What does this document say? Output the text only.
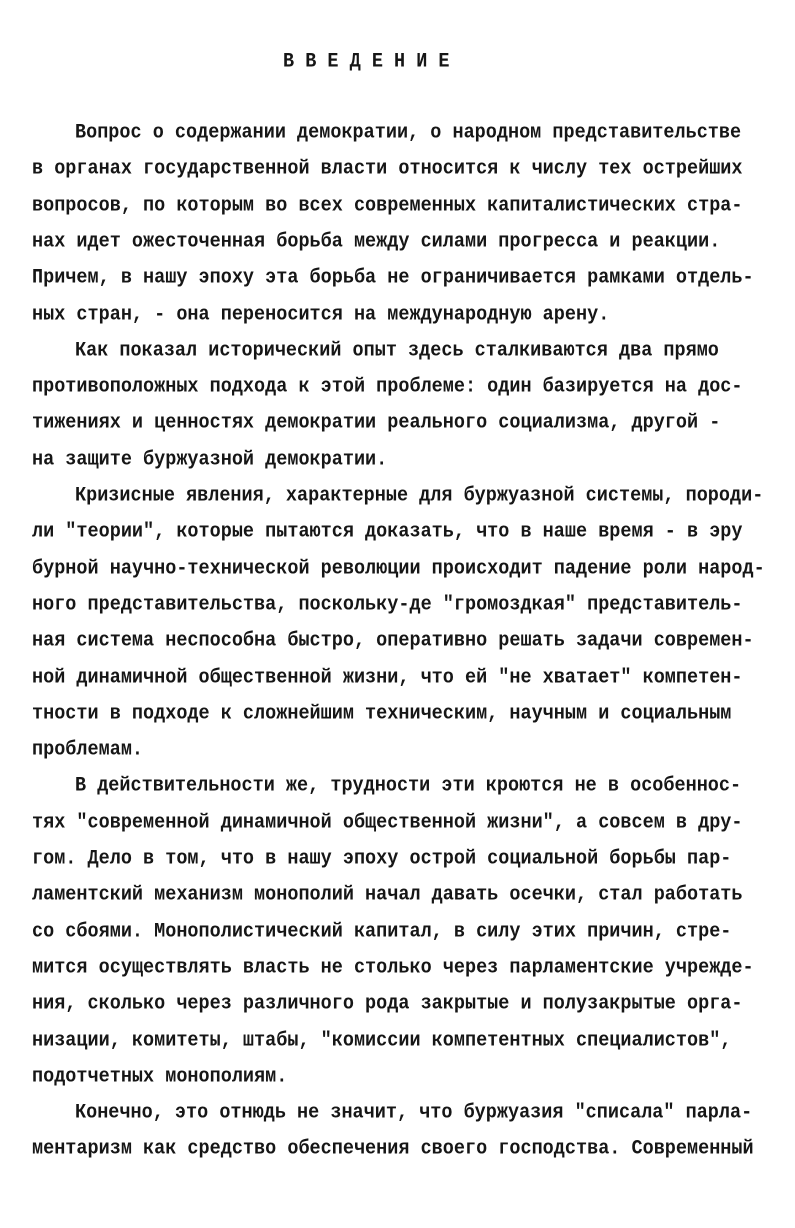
В В Е Д Е Н И Е
Вопрос о содержании демократии, о народном представительстве
в органах государственной власти относится к числу тех острейших
вопросов, по которым во всех современных капиталистических стра-
нах идет ожесточенная борьба между силами прогресса и реакции.
Причем, в нашу эпоху эта борьба не ограничивается рамками отдель-
ных стран, - она переносится на международную арену.
Как показал исторический опыт здесь сталкиваются два прямо
противоположных подхода к этой проблеме: один базируется на дос-
тижениях и ценностях демократии реального социализма, другой -
на защите буржуазной демократии.
Кризисные явления, характерные для буржуазной системы, породи-
ли "теории", которые пытаются доказать, что в наше время - в эру
бурной научно-технической революции происходит падение роли народ-
ного представительства, поскольку-де "громоздкая" представитель-
ная система неспособна быстро, оперативно решать задачи современ-
ной динамичной общественной жизни, что ей "не хватает" компетен-
тности в подходе к сложнейшим техническим, научным и социальным
проблемам.
В действительности же, трудности эти кроются не в особеннос-
тях "современной динамичной общественной жизни", а совсем в дру-
гом. Дело в том, что в нашу эпоху острой социальной борьбы пар-
ламентский механизм монополий начал давать осечки, стал работать
со сбоями. Монополистический капитал, в силу этих причин, стре-
мится осуществлять власть не столько через парламентские учрежде-
ния, сколько через различного рода закрытые и полузакрытые орга-
низации, комитеты, штабы, "комиссии компетентных специалистов",
подотчетных монополиям.
Конечно, это отнюдь не значит, что буржуазия "списала" парла-
ментаризм как средство обеспечения своего господства. Современный
